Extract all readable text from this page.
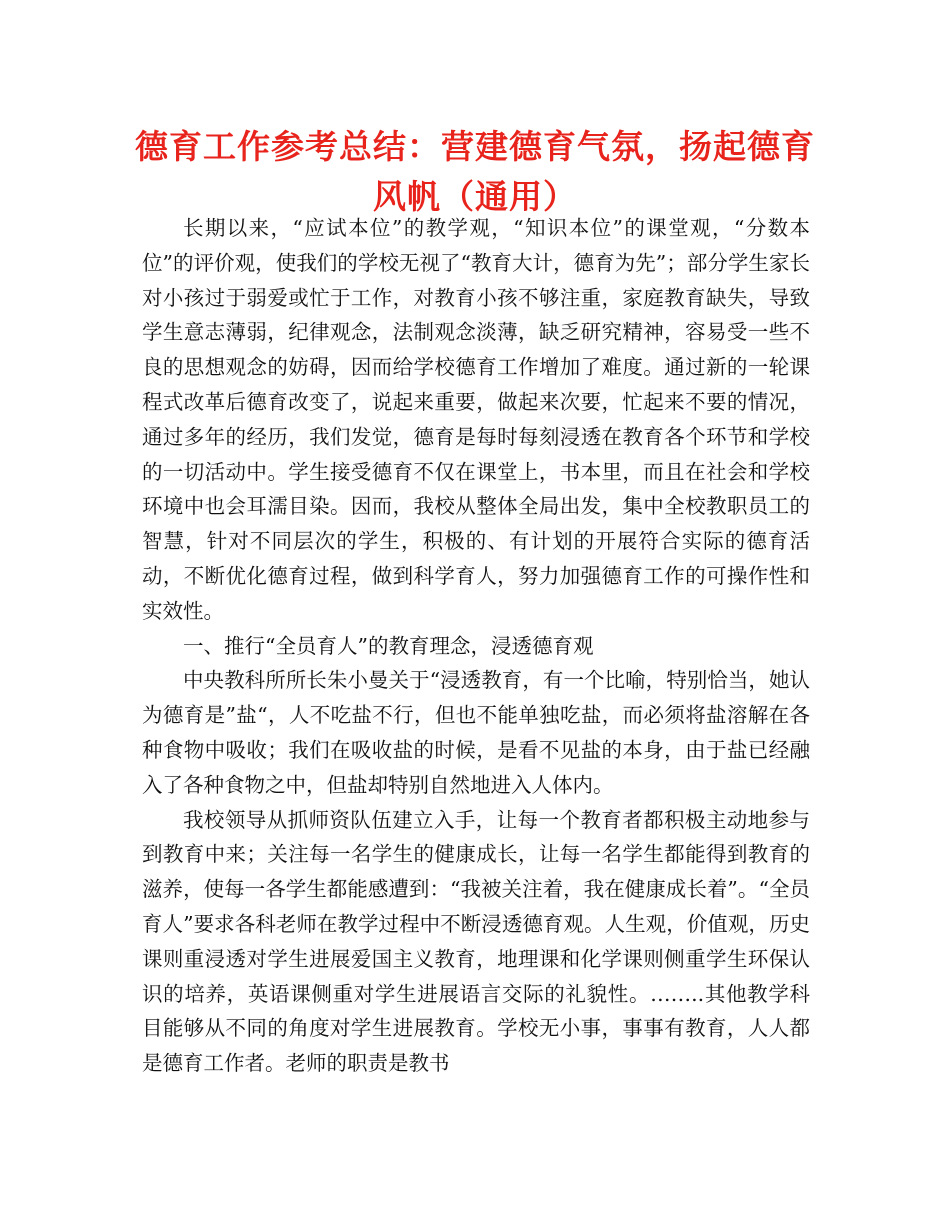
德育工作参考总结：营建德育气氛，扬起德育风帆（通用）

长期以来，“应试本位”的教学观，“知识本位”的课堂观，“分数本位”的评价观，使我们的学校无视了“教育大计，德育为先”；部分学生家长对小孩过于弱爱或忙于工作，对教育小孩不够注重，家庭教育缺失，导致学生意志薄弱，纪律观念，法制观念淡薄，缺乏研究精神，容易受一些不良的思想观念的妨碍，因而给学校德育工作增加了难度。通过新的一轮课程式改革后德育改变了，说起来重要，做起来次要，忙起来不要的情况，通过多年的经历，我们发觉，德育是每时每刻浸透在教育各个环节和学校的一切活动中。学生接受德育不仅在课堂上，书本里，而且在社会和学校环境中也会耳濡目染。因而，我校从整体全局出发，集中全校教职员工的智慧，针对不同层次的学生，积极的、有计划的开展符合实际的德育活动，不断优化德育过程，做到科学育人，努力加强德育工作的可操作性和实效性。

一、推行“全员育人”的教育理念，浸透德育观

中央教科所所长朱小曼关于“浸透教育，有一个比喻，特别恰当，她认为德育是”盐“，人不吃盐不行，但也不能单独吃盐，而必须将盐溶解在各种食物中吸收；我们在吸收盐的时候，是看不见盐的本身，由于盐已经融入了各种食物之中，但盐却特别自然地进入人体内。

我校领导从抓师资队伍建立入手，让每一个教育者都积极主动地参与到教育中来；关注每一名学生的健康成长，让每一名学生都能得到教育的滋养，使每一各学生都能感遭到：“我被关注着，我在健康成长着”。“全员育人”要求各科老师在教学过程中不断浸透德育观。人生观，价值观，历史课则重浸透对学生进展爱国主义教育，地理课和化学课则侧重学生环保认识的培养，英语课侧重对学生进展语言交际的礼貌性。……..其他教学科目能够从不同的角度对学生进展教育。学校无小事，事事有教育，人人都是德育工作者。老师的职责是教书
